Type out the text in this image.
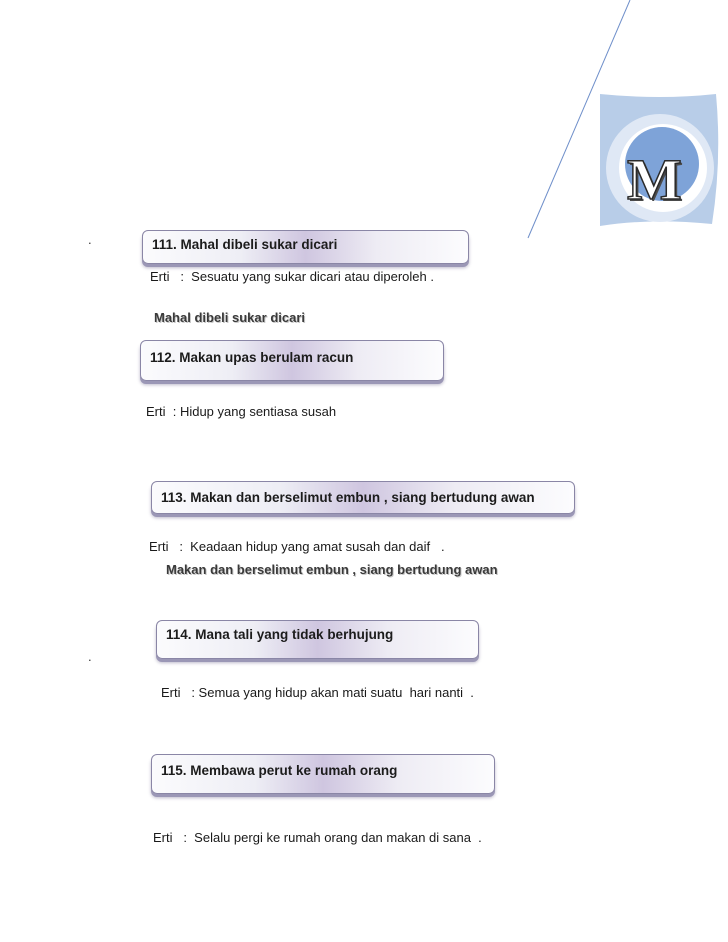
M
.
.
111. Mahal dibeli sukar dicari
Erti   :  Sesuatu yang sukar dicari atau diperoleh .
Mahal dibeli sukar dicari
112. Makan upas berulam racun
Erti  : Hidup yang sentiasa susah
113. Makan dan berselimut embun , siang bertudung awan
Erti   :  Keadaan hidup yang amat susah dan daif   .
Makan dan berselimut embun , siang bertudung awan
114. Mana tali yang tidak berhujung
Erti   : Semua yang hidup akan mati suatu  hari nanti  .
115. Membawa perut ke rumah orang
Erti   :  Selalu pergi ke rumah orang dan makan di sana  .
